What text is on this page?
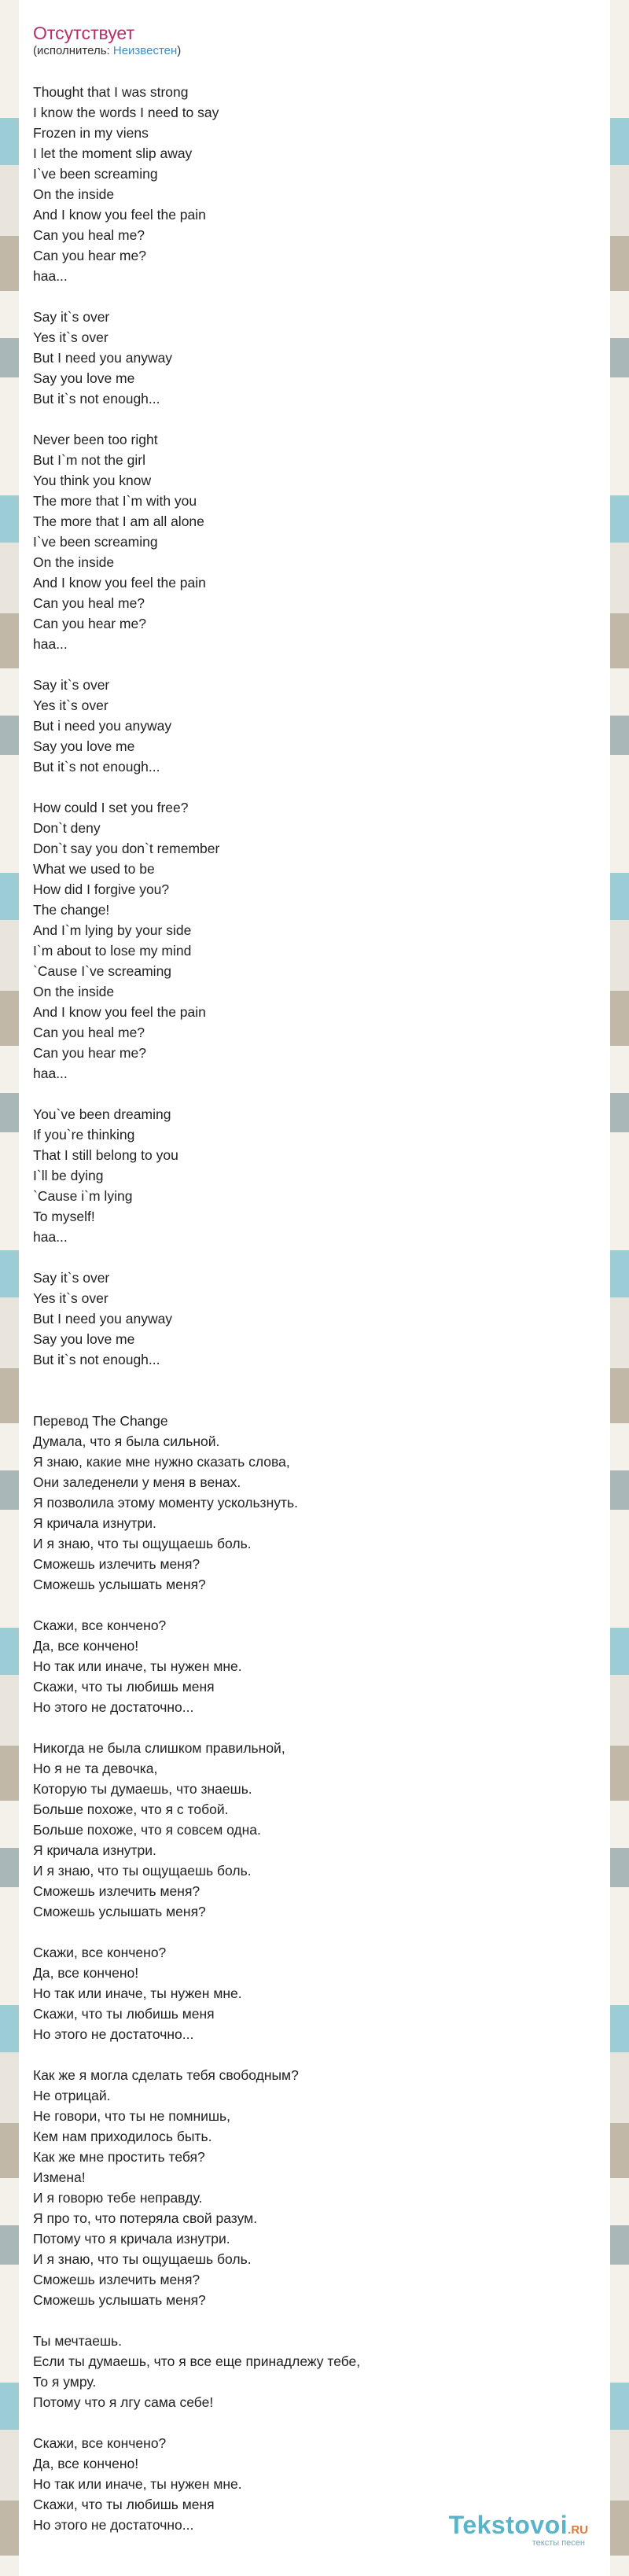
Отсутствует
(исполнитель: Неизвестен)
Thought that I was strong
I know the words I need to say
Frozen in my viens
I let the moment slip away
I`ve been screaming
On the inside
And I know you feel the pain
Can you heal me?
Can you hear me?
haa...
Say it`s over
Yes it`s over
But I need you anyway
Say you love me
But it`s not enough...
Never been too right
But I`m not the girl
You think you know
The more that I`m with you
The more that I am all alone
I`ve been screaming
On the inside
And I know you feel the pain
Can you heal me?
Can you hear me?
haa...
Say it`s over
Yes it`s over
But i need you anyway
Say you love me
But it`s not enough...
How could I set you free?
Don`t deny
Don`t say you don`t remember
What we used to be
How did I forgive you?
The change!
And I`m lying by your side
I`m about to lose my mind
`Cause I`ve screaming
On the inside
And I know you feel the pain
Can you heal me?
Can you hear me?
haa...
You`ve been dreaming
If you`re thinking
That I still belong to you
I`ll be dying
`Cause i`m lying
To myself!
haa...
Say it`s over
Yes it`s over
But I need you anyway
Say you love me
But it`s not enough...
Перевод The Change
Думала, что я была сильной.
Я знаю, какие мне нужно сказать слова,
Они заледенели у меня в венах.
Я позволила этому моменту ускользнуть.
Я кричала изнутри.
И я знаю, что ты ощущаешь боль.
Сможешь излечить меня?
Сможешь услышать меня?
Скажи, все кончено?
Да, все кончено!
Но так или иначе, ты нужен мне.
Скажи, что ты любишь меня
Но этого не достаточно...
Никогда не была слишком правильной,
Но я не та девочка,
Которую ты думаешь, что знаешь.
Больше похоже, что я с тобой.
Больше похоже, что я совсем одна.
Я кричала изнутри.
И я знаю, что ты ощущаешь боль.
Сможешь излечить меня?
Сможешь услышать меня?
Скажи, все кончено?
Да, все кончено!
Но так или иначе, ты нужен мне.
Скажи, что ты любишь меня
Но этого не достаточно...
Как же я могла сделать тебя свободным?
Не отрицай.
Не говори, что ты не помнишь,
Кем нам приходилось быть.
Как же мне простить тебя?
Измена!
И я говорю тебе неправду.
Я про то, что потеряла свой разум.
Потому что я кричала изнутри.
И я знаю, что ты ощущаешь боль.
Сможешь излечить меня?
Сможешь услышать меня?
Ты мечтаешь.
Если ты думаешь, что я все еще принадлежу тебе,
То я умру.
Потому что я лгу сама себе!
Скажи, все кончено?
Да, все кончено!
Но так или иначе, ты нужен мне.
Скажи, что ты любишь меня
Но этого не достаточно...	Tekstovoi.RU
тексты песен
